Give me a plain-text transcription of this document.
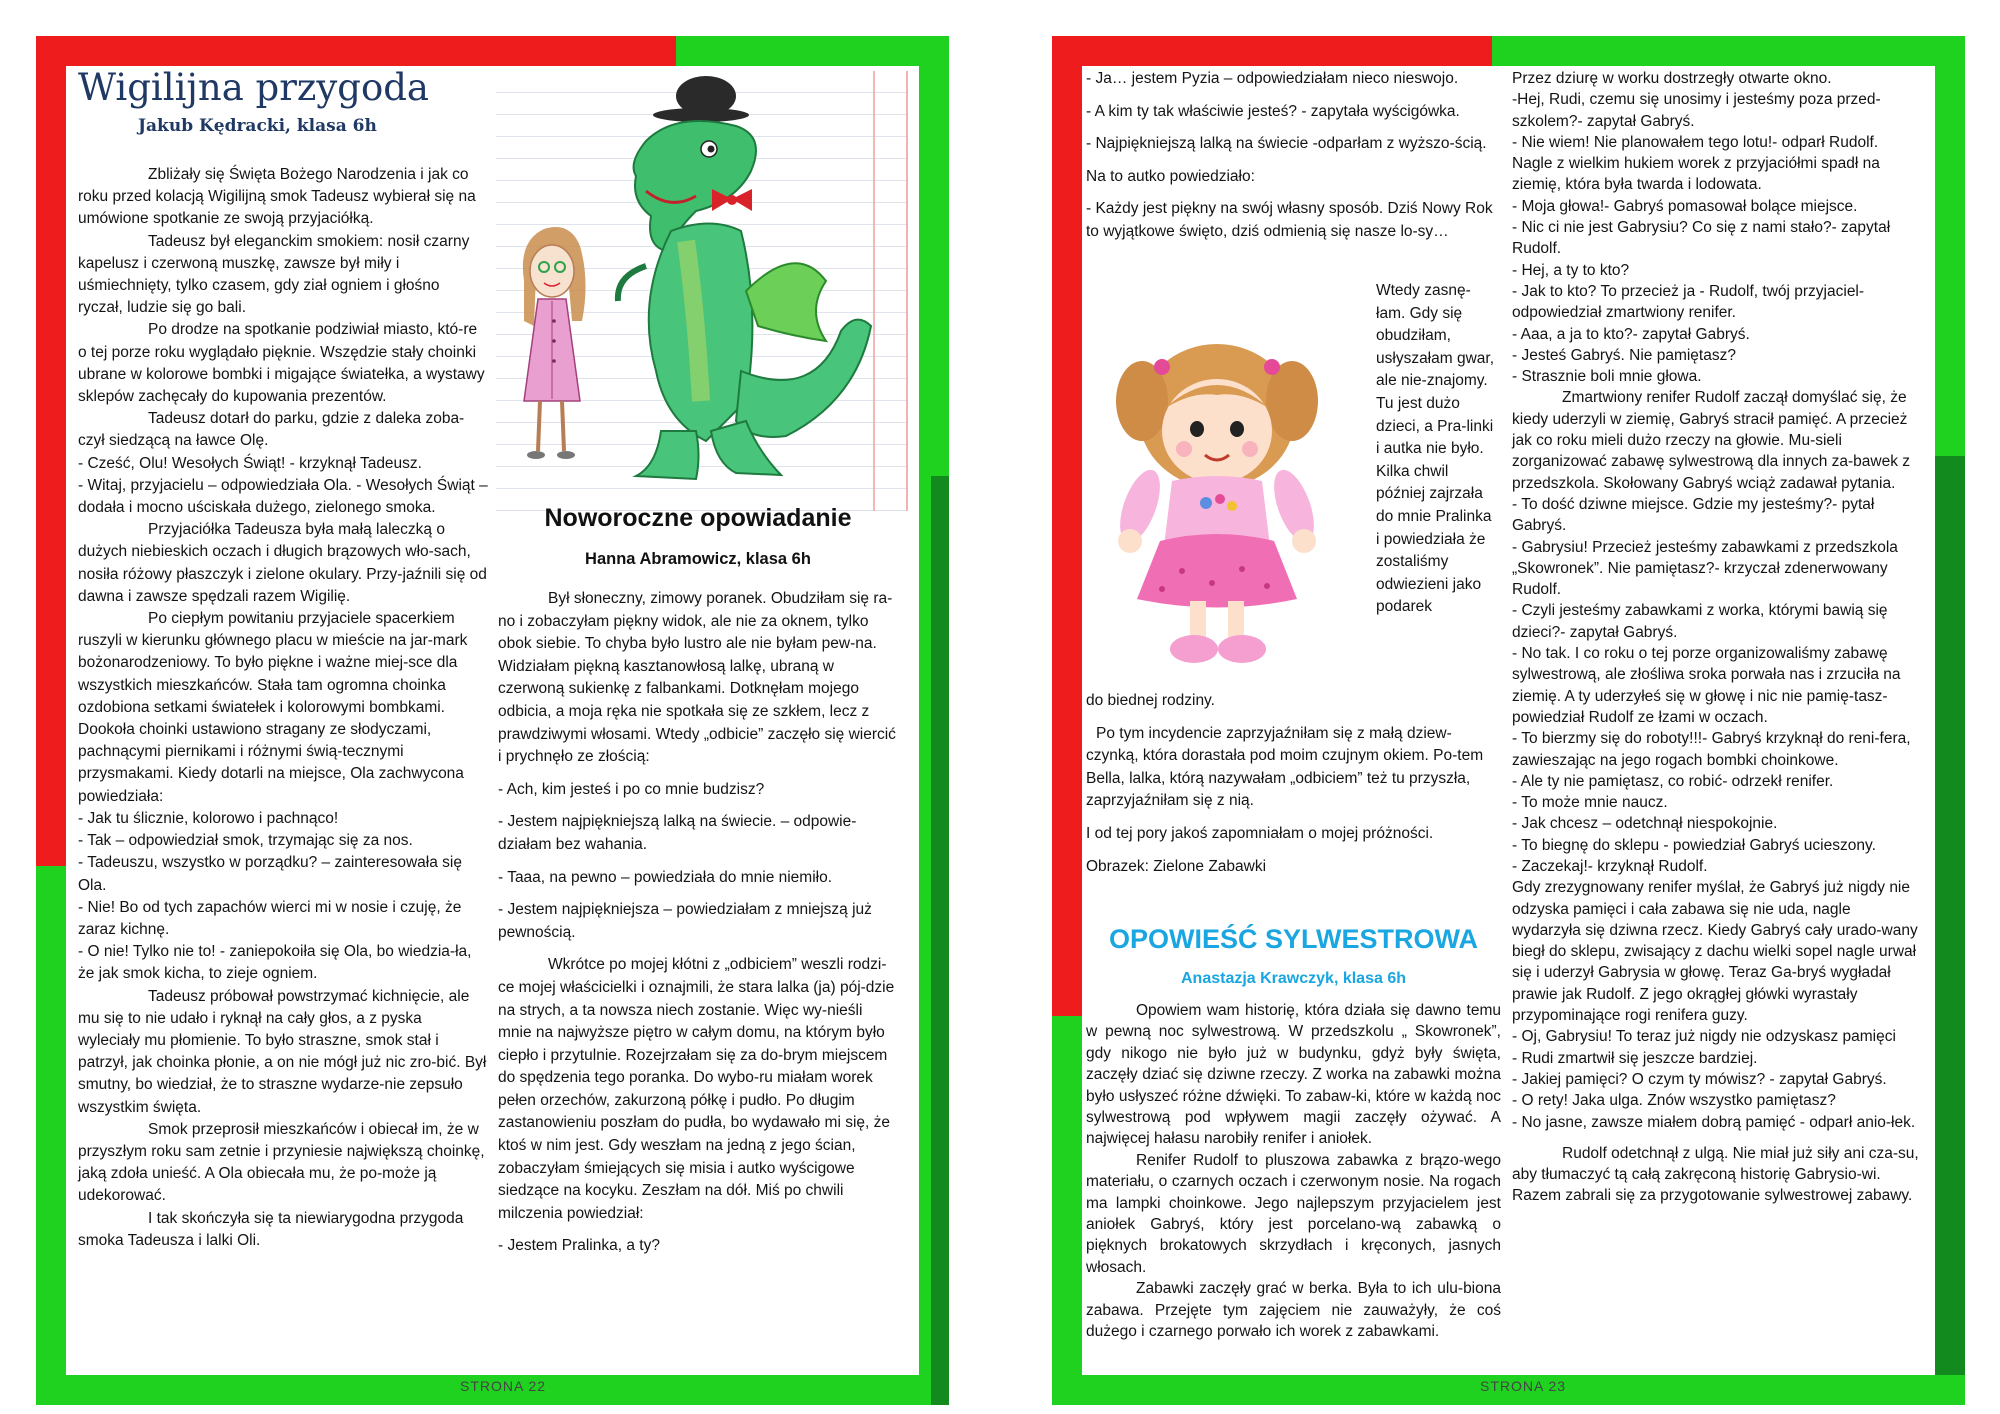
Wigilijna przygoda
Jakub Kędracki, klasa 6h

Zbliżały się Święta Bożego Narodzenia i jak co roku przed kolacją Wigilijną smok Tadeusz wybierał się na umówione spotkanie ze swoją przyjaciółką.

Tadeusz był eleganckim smokiem: nosił czarny kapelusz i czerwoną muszkę, zawsze był miły i uśmiechnięty, tylko czasem, gdy ział ogniem i głośno ryczał, ludzie się go bali.

Po drodze na spotkanie podziwiał miasto, któ-re o tej porze roku wyglądało pięknie. Wszędzie stały choinki ubrane w kolorowe bombki i migające światełka, a wystawy sklepów zachęcały do kupowania prezentów.

Tadeusz dotarł do parku, gdzie z daleka zoba-czył siedzącą na ławce Olę.

- Cześć, Olu! Wesołych Świąt! - krzyknął Tadeusz.

- Witaj, przyjacielu – odpowiedziała Ola. - Wesołych Świąt – dodała i mocno uściskała dużego, zielonego smoka.

Przyjaciółka Tadeusza była małą laleczką o dużych niebieskich oczach i długich brązowych wło-sach, nosiła różowy płaszczyk i zielone okulary. Przy-jaźnili się od dawna i zawsze spędzali razem Wigilię.

Po ciepłym powitaniu przyjaciele spacerkiem ruszyli w kierunku głównego placu w mieście na jar-mark bożonarodzeniowy. To było piękne i ważne miej-sce dla wszystkich mieszkańców. Stała tam ogromna choinka ozdobiona setkami światełek i kolorowymi bombkami. Dookoła choinki ustawiono stragany ze słodyczami, pachnącymi piernikami i różnymi świą-tecznymi przysmakami. Kiedy dotarli na miejsce, Ola zachwycona powiedziała:

- Jak tu ślicznie, kolorowo i pachnąco!

- Tak – odpowiedział smok, trzymając się za nos.

- Tadeuszu, wszystko w porządku? – zainteresowała się Ola.

- Nie! Bo od tych zapachów wierci mi w nosie i czuję, że zaraz kichnę.

- O nie! Tylko nie to! - zaniepokoiła się Ola, bo wiedzia-ła, że jak smok kicha, to zieje ogniem.

Tadeusz próbował powstrzymać kichnięcie, ale mu się to nie udało i ryknął na cały głos, a z pyska wyleciały mu płomienie. To było straszne, smok stał i patrzył, jak choinka płonie, a on nie mógł już nic zro-bić. Był smutny, bo wiedział, że to straszne wydarze-nie zepsuło wszystkim święta.

Smok przeprosił mieszkańców i obiecał im, że w przyszłym roku sam zetnie i przyniesie największą choinkę, jaką zdoła unieść. A Ola obiecała mu, że po-może ją udekorować.

I tak skończyła się ta niewiarygodna przygoda smoka Tadeusza i lalki Oli.

Noworoczne opowiadanie
Hanna Abramowicz, klasa 6h

Był słoneczny, zimowy poranek. Obudziłam się ra-no i zobaczyłam piękny widok, ale nie za oknem, tylko obok siebie. To chyba było lustro ale nie byłam pew-na. Widziałam piękną kasztanowłosą lalkę, ubraną w czerwoną sukienkę z falbankami. Dotknęłam mojego odbicia, a moja ręka nie spotkała się ze szkłem, lecz z prawdziwymi włosami. Wtedy „odbicie” zaczęło się wiercić i prychnęło ze złością:

- Ach, kim jesteś i po co mnie budzisz?

- Jestem najpiękniejszą lalką na świecie. – odpowie-działam bez wahania.

- Taaa, na pewno – powiedziała do mnie niemiło.

- Jestem najpiękniejsza – powiedziałam z mniejszą już pewnością.

Wkrótce po mojej kłótni z „odbiciem” weszli rodzi-ce mojej właścicielki i oznajmili, że stara lalka (ja) pój-dzie na strych, a ta nowsza niech zostanie. Więc wy-nieśli mnie na najwyższe piętro w całym domu, na którym było ciepło i przytulnie. Rozejrzałam się za do-brym miejscem do spędzenia tego poranka. Do wybo-ru miałam worek pełen orzechów, zakurzoną półkę i pudło. Po długim zastanowieniu poszłam do pudła, bo wydawało mi się, że ktoś w nim jest. Gdy weszłam na jedną z jego ścian, zobaczyłam śmiejących się misia i autko wyścigowe siedzące na kocyku. Zeszłam na dół. Miś po chwili milczenia powiedział:

- Jestem Pralinka, a ty?

STRONA 22

- Ja… jestem Pyzia – odpowiedziałam nieco nieswojo.

- A kim ty tak właściwie jesteś? - zapytała wyścigówka.

- Najpiękniejszą lalką na świecie -odparłam z wyższo-ścią.

Na to autko powiedziało:

- Każdy jest piękny na swój własny sposób. Dziś Nowy Rok to wyjątkowe święto, dziś odmienią się nasze lo-sy…

Wtedy zasnę-łam. Gdy się obudziłam, usłyszałam gwar, ale nie-znajomy. Tu jest dużo dzieci, a Pra-linki i autka nie było. Kilka chwil później zajrzała do mnie Pralinka i powiedziała że zostaliśmy odwiezieni jako podarek

do biednej rodziny.

Po tym incydencie zaprzyjaźniłam się z małą dziew-czynką, która dorastała pod moim czujnym okiem. Po-tem Bella, lalka, którą nazywałam „odbiciem” też tu przyszła, zaprzyjaźniłam się z nią.

I od tej pory jakoś zapomniałam o mojej próżności.

Obrazek: Zielone Zabawki

OPOWIEŚĆ SYLWESTROWA
Anastazja Krawczyk, klasa 6h

Opowiem wam historię, która działa się dawno temu w pewną noc sylwestrową. W przedszkolu „ Skowronek”, gdy nikogo nie było już w budynku, gdyż były święta, zaczęły dziać się dziwne rzeczy. Z worka na zabawki można było usłyszeć różne dźwięki. To zabaw-ki, które w każdą noc sylwestrową pod wpływem magii zaczęły ożywać. A najwięcej hałasu narobiły renifer i aniołek.

Renifer Rudolf to pluszowa zabawka z brązo-wego materiału, o czarnych oczach i czerwonym nosie. Na rogach ma lampki choinkowe. Jego najlepszym przyjacielem jest aniołek Gabryś, który jest porcelano-wą zabawką o pięknych brokatowych skrzydłach i kręconych, jasnych włosach.

Zabawki zaczęły grać w berka. Była to ich ulu-biona zabawa. Przejęte tym zajęciem nie zauważyły, że coś dużego i czarnego porwało ich worek z zabawkami.

Przez dziurę w worku dostrzegły otwarte okno.

-Hej, Rudi, czemu się unosimy i jesteśmy poza przed-szkolem?- zapytał Gabryś.

- Nie wiem! Nie planowałem tego lotu!- odparł Rudolf. Nagle z wielkim hukiem worek z przyjaciółmi spadł na ziemię, która była twarda i lodowata.

- Moja głowa!- Gabryś pomasował bolące miejsce.

- Nic ci nie jest Gabrysiu? Co się z nami stało?- zapytał Rudolf.

- Hej, a ty to kto?

- Jak to kto? To przecież ja - Rudolf, twój przyjaciel- odpowiedział zmartwiony renifer.

- Aaa, a ja to kto?- zapytał Gabryś.

- Jesteś Gabryś. Nie pamiętasz?

- Strasznie boli mnie głowa.

Zmartwiony renifer Rudolf zaczął domyślać się, że kiedy uderzyli w ziemię, Gabryś stracił pamięć. A przecież jak co roku mieli dużo rzeczy na głowie. Mu-sieli zorganizować zabawę sylwestrową dla innych za-bawek z przedszkola. Skołowany Gabryś wciąż zadawał pytania.

- To dość dziwne miejsce. Gdzie my jesteśmy?- pytał Gabryś.

- Gabrysiu! Przecież jesteśmy zabawkami z przedszkola „Skowronek”. Nie pamiętasz?- krzyczał zdenerwowany Rudolf.

- Czyli jesteśmy zabawkami z worka, którymi bawią się dzieci?- zapytał Gabryś.

- No tak. I co roku o tej porze organizowaliśmy zabawę sylwestrową, ale złośliwa sroka porwała nas i zrzuciła na ziemię. A ty uderzyłeś się w głowę i nic nie pamię-tasz- powiedział Rudolf ze łzami w oczach.

- To bierzmy się do roboty!!!- Gabryś krzyknął do reni-fera, zawieszając na jego rogach bombki choinkowe.

- Ale ty nie pamiętasz, co robić- odrzekł renifer.

- To może mnie naucz.

- Jak chcesz – odetchnął niespokojnie.

- To biegnę do sklepu - powiedział Gabryś ucieszony.

- Zaczekaj!- krzyknął Rudolf.

Gdy zrezygnowany renifer myślał, że Gabryś już nigdy nie odzyska pamięci i cała zabawa się nie uda, nagle wydarzyła się dziwna rzecz. Kiedy Gabryś cały urado-wany biegł do sklepu, zwisający z dachu wielki sopel nagle urwał się i uderzył Gabrysia w głowę. Teraz Ga-bryś wygładał prawie jak Rudolf. Z jego okrągłej główki wyrastały przypominające rogi renifera guzy.

- Oj, Gabrysiu! To teraz już nigdy nie odzyskasz pamięci

- Rudi zmartwił się jeszcze bardziej.

- Jakiej pamięci? O czym ty mówisz? - zapytał Gabryś.

- O rety! Jaka ulga. Znów wszystko pamiętasz?

- No jasne, zawsze miałem dobrą pamięć - odparł anio-łek.

Rudolf odetchnął z ulgą. Nie miał już siły ani cza-su, aby tłumaczyć tą całą zakręconą historię Gabrysio-wi. Razem zabrali się za przygotowanie sylwestrowej zabawy.

STRONA 23
